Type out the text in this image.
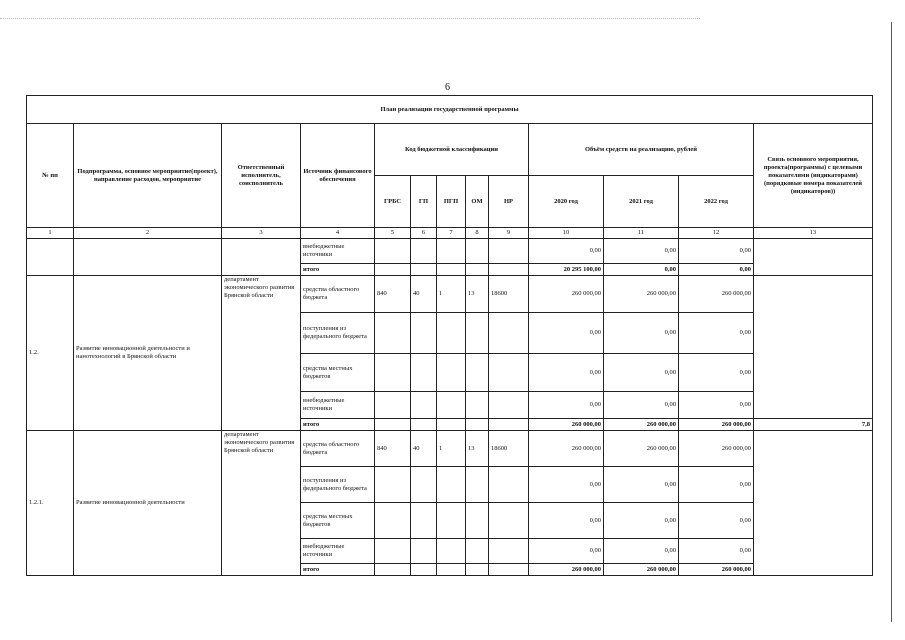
6
План реализации государственной программы												
№ пп	Подпрограмма, основное мероприятие(проект), направление расходов, мероприятие	Ответственный исполнитель, соисполнитель	Источник финансового обеспечения	Код бюджетной классификации					Объём средств на реализацию, рублей			Связь основного мероприятия, проекта(программы) с целевыми показателями (индикаторами) (порядковые номера показателей (индикаторов))
				ГРБС	ГП	ПГП	ОМ	НР	2020 год	2021 год	2022 год	
1	2	3	4	5	6	7	8	9	10	11	12	13
			внебюджетные источники						0,00	0,00	0,00	
			итого						20 295 100,00	0,00	0,00	
1.2.	Развитие инновационной деятельности и нанотехнологий в Брянской области	департамент экономического развития Брянской области	средства областного бюджета	840	40	1	13	18600	260 000,00	260 000,00	260 000,00	
			поступления из федерального бюджета						0,00	0,00	0,00	
			средства местных бюджетов						0,00	0,00	0,00	
			внебюджетные источники						0,00	0,00	0,00	
			итого						260 000,00	260 000,00	260 000,00	7,8
1.2.1.	Развитие инновационной деятельности	департамент экономического развития Брянской области	средства областного бюджета	840	40	1	13	18600	260 000,00	260 000,00	260 000,00	
			поступления из федерального бюджета						0,00	0,00	0,00	
			средства местных бюджетов						0,00	0,00	0,00	
			внебюджетные источники						0,00	0,00	0,00	
			итого						260 000,00	260 000,00	260 000,00	
